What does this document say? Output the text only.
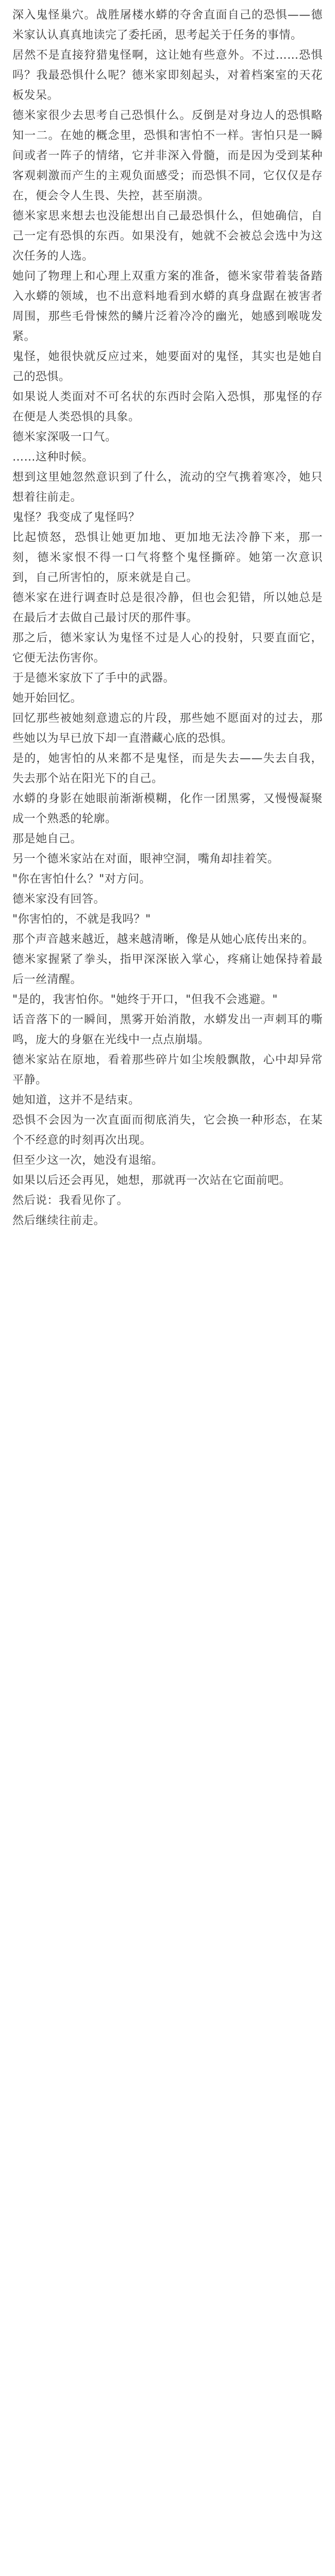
深入鬼怪巢穴。战胜屠楼水蟒的夺舍直面自己的恐惧——德米家认认真真地读完了委托函，思考起关于任务的事情。

居然不是直接狩猎鬼怪啊，这让她有些意外。不过……恐惧吗？我最恐惧什么呢？德米家即刻起头，对着档案室的天花板发呆。

德米家很少去思考自己恐惧什么。反倒是对身边人的恐惧略知一二。在她的概念里，恐惧和害怕不一样。害怕只是一瞬间或者一阵子的情绪，它并非深入骨髓，而是因为受到某种客观刺激而产生的主观负面感受；而恐惧不同，它仅仅是存在，便会令人生畏、失控，甚至崩溃。

德米家思来想去也没能想出自己最恐惧什么，但她确信，自己一定有恐惧的东西。如果没有，她就不会被总会选中为这次任务的人选。

她问了物理上和心理上双重方案的准备，德米家带着装备踏入水蟒的领域，也不出意料地看到水蟒的真身盘踞在被害者周围，那些毛骨悚然的鳞片泛着冷冷的幽光，她感到喉咙发紧。

鬼怪，她很快就反应过来，她要面对的鬼怪，其实也是她自己的恐惧。

如果说人类面对不可名状的东西时会陷入恐惧，那鬼怪的存在便是人类恐惧的具象。

德米家深吸一口气。

……这种时候。

想到这里她忽然意识到了什么，流动的空气携着寒冷，她只想着往前走。

鬼怪？我变成了鬼怪吗？

比起愤怒，恐惧让她更加地、更加地无法冷静下来，那一刻，德米家恨不得一口气将整个鬼怪撕碎。她第一次意识到，自己所害怕的，原来就是自己。

德米家在进行调查时总是很冷静，但也会犯错，所以她总是在最后才去做自己最讨厌的那件事。

那之后，德米家认为鬼怪不过是人心的投射，只要直面它，它便无法伤害你。

于是德米家放下了手中的武器。

她开始回忆。

回忆那些被她刻意遗忘的片段，那些她不愿面对的过去，那些她以为早已放下却一直潜藏心底的恐惧。

是的，她害怕的从来都不是鬼怪，而是失去——失去自我，失去那个站在阳光下的自己。

水蟒的身影在她眼前渐渐模糊，化作一团黑雾，又慢慢凝聚成一个熟悉的轮廓。

那是她自己。

另一个德米家站在对面，眼神空洞，嘴角却挂着笑。

"你在害怕什么？"对方问。

德米家没有回答。

"你害怕的，不就是我吗？"

那个声音越来越近，越来越清晰，像是从她心底传出来的。

德米家握紧了拳头，指甲深深嵌入掌心，疼痛让她保持着最后一丝清醒。

"是的，我害怕你。"她终于开口，"但我不会逃避。"

话音落下的一瞬间，黑雾开始消散，水蟒发出一声刺耳的嘶鸣，庞大的身躯在光线中一点点崩塌。

德米家站在原地，看着那些碎片如尘埃般飘散，心中却异常平静。

她知道，这并不是结束。

恐惧不会因为一次直面而彻底消失，它会换一种形态，在某个不经意的时刻再次出现。

但至少这一次，她没有退缩。

如果以后还会再见，她想，那就再一次站在它面前吧。

然后说：我看见你了。

然后继续往前走。
